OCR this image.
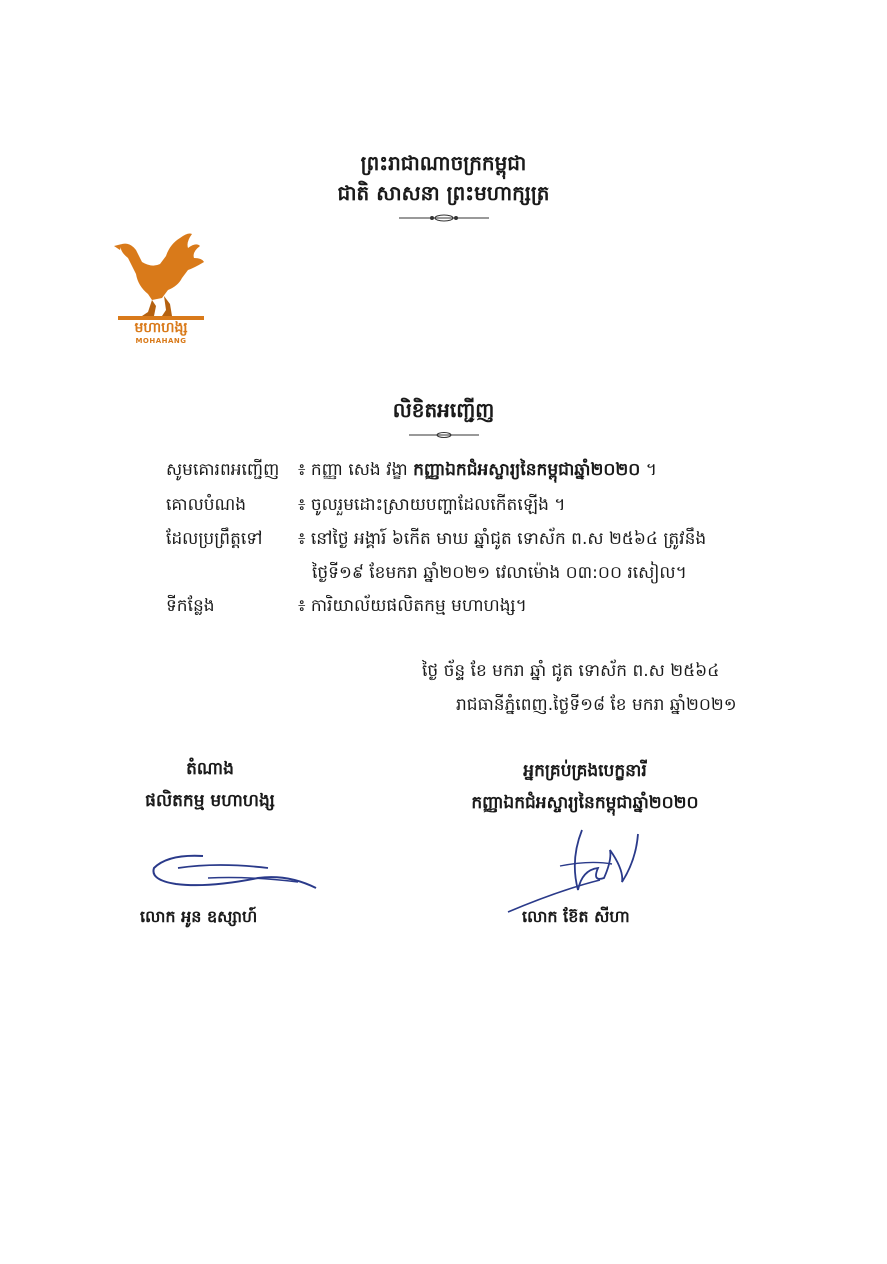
ព្រះរាជាណាចក្រកម្ពុជា
ជាតិ សាសនា ព្រះមហាក្សត្រ
មហាហង្ស
MOHAHANG
លិខិតអញ្ជើញ
សូមគោរពអញ្ជើញ ៖ កញ្ញា សេង វង្ខា កញ្ញាឯកជំអស្ចារ្យនៃកម្ពុជាឆ្នាំ២០២០ ។
គោលបំណង	៖ ចូលរួមដោះស្រាយបញ្ហាដែលកើតឡើង ។
ដែលប្រព្រឹត្តទៅ ៖ នៅថ្ងៃ អង្គារ៍ ៦កើត មាឃ ឆ្នាំជូត ទោស័ក ព.ស ២៥៦៤ ត្រូវនឹង
ថ្ងៃទី១៩ ខែមករា ឆ្នាំ២០២១ វេលាម៉ោង ០៣:០០ រសៀល។
ទីកន្លែង	៖ ការិយាល័យផលិតកម្ម មហាហង្ស។
ថ្ងៃ ច័ន្ទ ខែ មករា ឆ្នាំ ជូត ទោស័ក ព.ស ២៥៦៤
រាជធានីភ្នំពេញ.ថ្ងៃទី១៨ ខែ មករា ឆ្នាំ២០២១
តំណាង
ផលិតកម្ម មហាហង្ស
លោក អូន ឧស្សាហ៍
អ្នកគ្រប់គ្រងបេក្ខនារី
កញ្ញាឯកជំអស្ចារ្យនៃកម្ពុជាឆ្នាំ២០២០
លោក ខ៊ែត សីហា
